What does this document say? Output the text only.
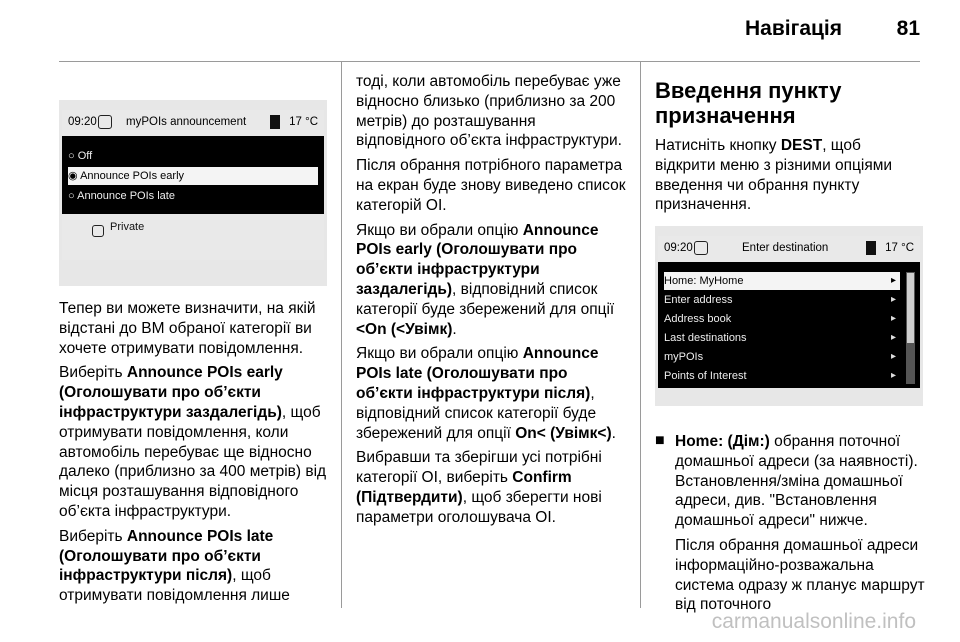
Навігація	81
09:20	myPOIs announcement	17 °C
○ Off
◉ Announce POIs early
○ Announce POIs late
Private

Тепер ви можете визначити, на якій відстані до ВМ обраної категорії ви хочете отримувати повідомлення.

Виберіть Announce POIs early (Оголошувати про об’єкти інфраструктури заздалегідь), щоб отримувати повідомлення, коли автомобіль перебуває ще відносно далеко (приблизно за 400 метрів) від місця розташування відповідного об’єкта інфраструктури.

Виберіть Announce POIs late (Оголошувати про об’єкти інфраструктури після), щоб отримувати повідомлення лише

тоді, коли автомобіль перебуває уже відносно близько (приблизно за 200 метрів) до розташування відповідного об’єкта інфраструктури.

Після обрання потрібного параметра на екран буде знову виведено список категорій ОІ.

Якщо ви обрали опцію Announce POIs early (Оголошувати про об’єкти інфраструктури заздалегідь), відповідний список категорії буде збережений для опції <On (<Увімк).

Якщо ви обрали опцію Announce POIs late (Оголошувати про об’єкти інфраструктури після), відповідний список категорії буде збережений для опції On< (Увімк<).

Вибравши та зберігши усі потрібні категорії ОІ, виберіть Confirm (Підтвердити), щоб зберегти нові параметри оголошувача ОІ.

Введення пункту призначення

Натисніть кнопку DEST, щоб відкрити меню з різними опціями введення чи обрання пункту призначення.

09:20	Enter destination	17 °C
Home: MyHome	▸
Enter address	▸
Address book	▸
Last destinations	▸
myPOIs	▸
Points of Interest	▸
■ Home: (Дім:) обрання поточної домашньої адреси (за наявності). Встановлення/зміна домашньої адреси, див. "Встановлення домашньої адреси" нижче.

Після обрання домашньої адреси інформаційно-розважальна система одразу ж планує маршрут від поточного

carmanualsonline.info
